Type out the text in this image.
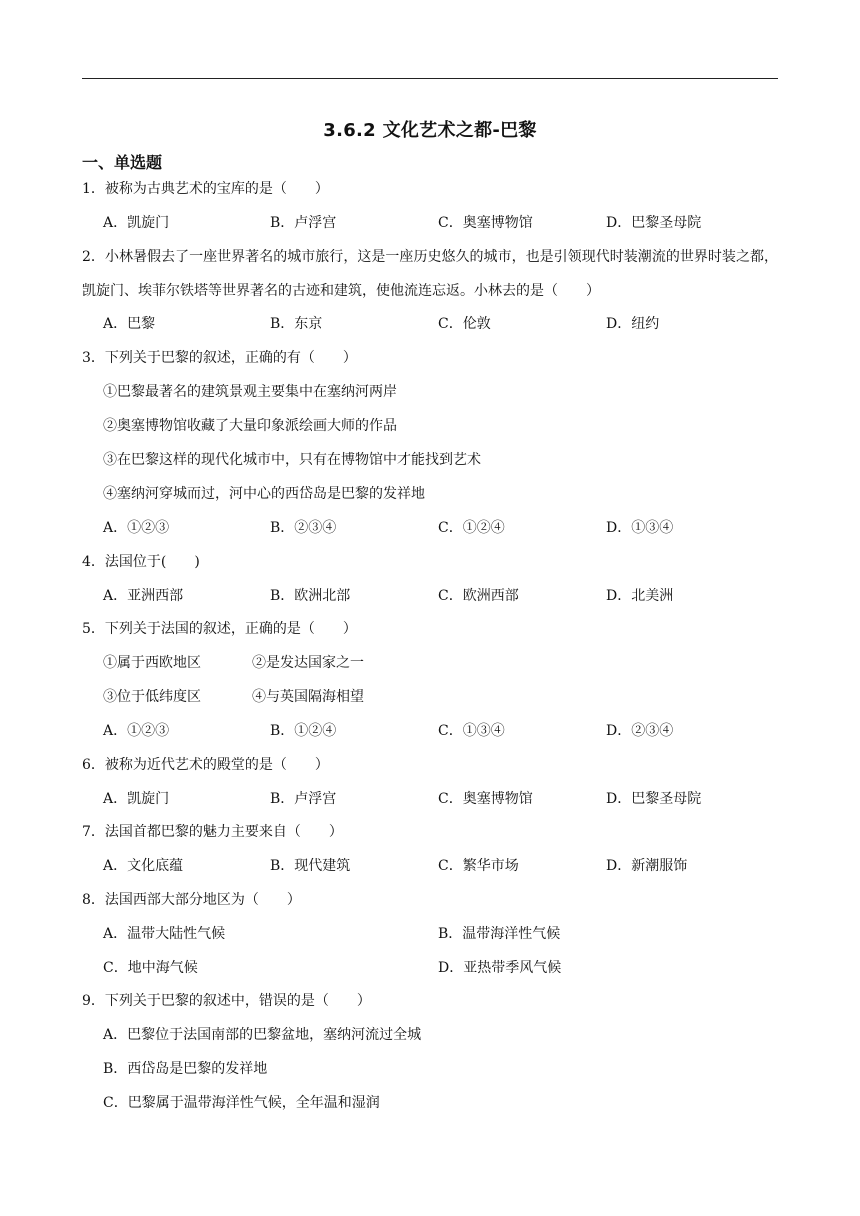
3.6.2 文化艺术之都-巴黎
一、单选题
1．被称为古典艺术的宝库的是（　　）
A．凯旋门	B．卢浮宫	C．奥塞博物馆	D．巴黎圣母院
2．小林暑假去了一座世界著名的城市旅行，这是一座历史悠久的城市，也是引领现代时装潮流的世界时装之都，凯旋门、埃菲尔铁塔等世界著名的古迹和建筑，使他流连忘返。小林去的是（　　）
A．巴黎	B．东京	C．伦敦	D．纽约
3．下列关于巴黎的叙述，正确的有（　　）
①巴黎最著名的建筑景观主要集中在塞纳河两岸
②奥塞博物馆收藏了大量印象派绘画大师的作品
③在巴黎这样的现代化城市中，只有在博物馆中才能找到艺术
④塞纳河穿城而过，河中心的西岱岛是巴黎的发祥地
A．①②③	B．②③④	C．①②④	D．①③④
4．法国位于(　　)
A．亚洲西部	B．欧洲北部	C．欧洲西部	D．北美洲
5．下列关于法国的叙述，正确的是（　　）
①属于西欧地区	②是发达国家之一
③位于低纬度区	④与英国隔海相望
A．①②③	B．①②④	C．①③④	D．②③④
6．被称为近代艺术的殿堂的是（　　）
A．凯旋门	B．卢浮宫	C．奥塞博物馆	D．巴黎圣母院
7．法国首都巴黎的魅力主要来自（　　）
A．文化底蕴	B．现代建筑	C．繁华市场	D．新潮服饰
8．法国西部大部分地区为（　　）
A．温带大陆性气候	B．温带海洋性气候
C．地中海气候	D．亚热带季风气候
9．下列关于巴黎的叙述中，错误的是（　　）
A．巴黎位于法国南部的巴黎盆地，塞纳河流过全城
B．西岱岛是巴黎的发祥地
C．巴黎属于温带海洋性气候，全年温和湿润
